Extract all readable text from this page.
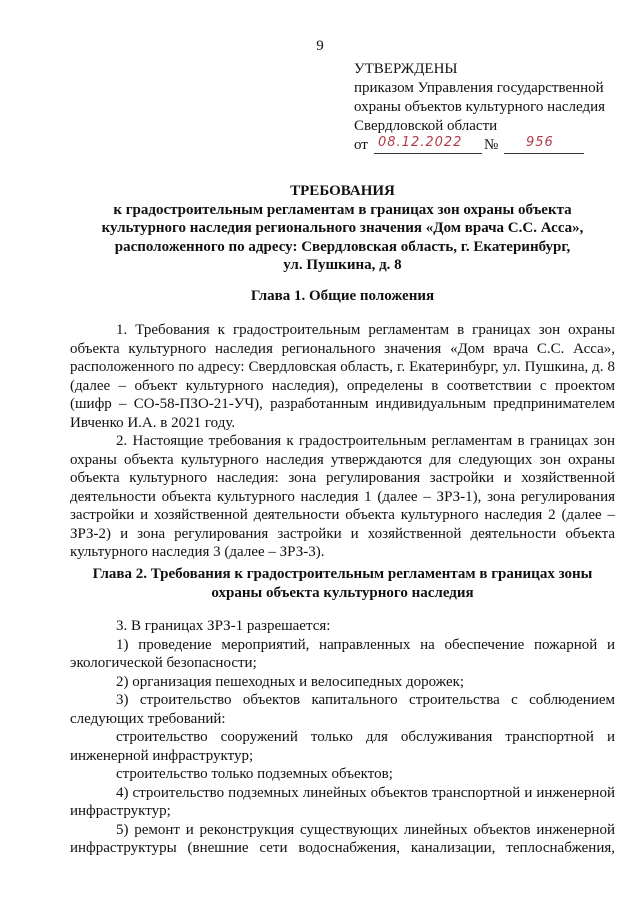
9
УТВЕРЖДЕНЫ
приказом Управления государственной
охраны объектов культурного наследия
Свердловской области
от 08.12.2022 № 956
ТРЕБОВАНИЯ
к градостроительным регламентам в границах зон охраны объекта
культурного наследия регионального значения «Дом врача С.С. Асса»,
расположенного по адресу: Свердловская область, г. Екатеринбург,
ул. Пушкина, д. 8
Глава 1. Общие положения

1. Требования к градостроительным регламентам в границах зон охраны объекта культурного наследия регионального значения «Дом врача С.С. Асса», расположенного по адресу: Свердловская область, г. Екатеринбург, ул. Пушкина, д. 8 (далее – объект культурного наследия), определены в соответствии с проектом (шифр – СО-58-ПЗО-21-УЧ), разработанным индивидуальным предпринимателем Ивченко И.А. в 2021 году.

2. Настоящие требования к градостроительным регламентам в границах зон охраны объекта культурного наследия утверждаются для следующих зон охраны объекта культурного наследия: зона регулирования застройки и хозяйственной деятельности объекта культурного наследия 1 (далее – ЗРЗ-1), зона регулирования застройки и хозяйственной деятельности объекта культурного наследия 2 (далее – ЗРЗ-2) и зона регулирования застройки и хозяйственной деятельности объекта культурного наследия 3 (далее – ЗРЗ-3).

Глава 2. Требования к градостроительным регламентам в границах зоны
охраны объекта культурного наследия

3. В границах ЗРЗ-1 разрешается:

1) проведение мероприятий, направленных на обеспечение пожарной и экологической безопасности;

2) организация пешеходных и велосипедных дорожек;

3) строительство объектов капитального строительства с соблюдением следующих требований:

строительство сооружений только для обслуживания транспортной и инженерной инфраструктур;

строительство только подземных объектов;

4) строительство подземных линейных объектов транспортной и инженерной инфраструктур;

5) ремонт и реконструкция существующих линейных объектов инженерной инфраструктуры (внешние сети водоснабжения, канализации, теплоснабжения,
